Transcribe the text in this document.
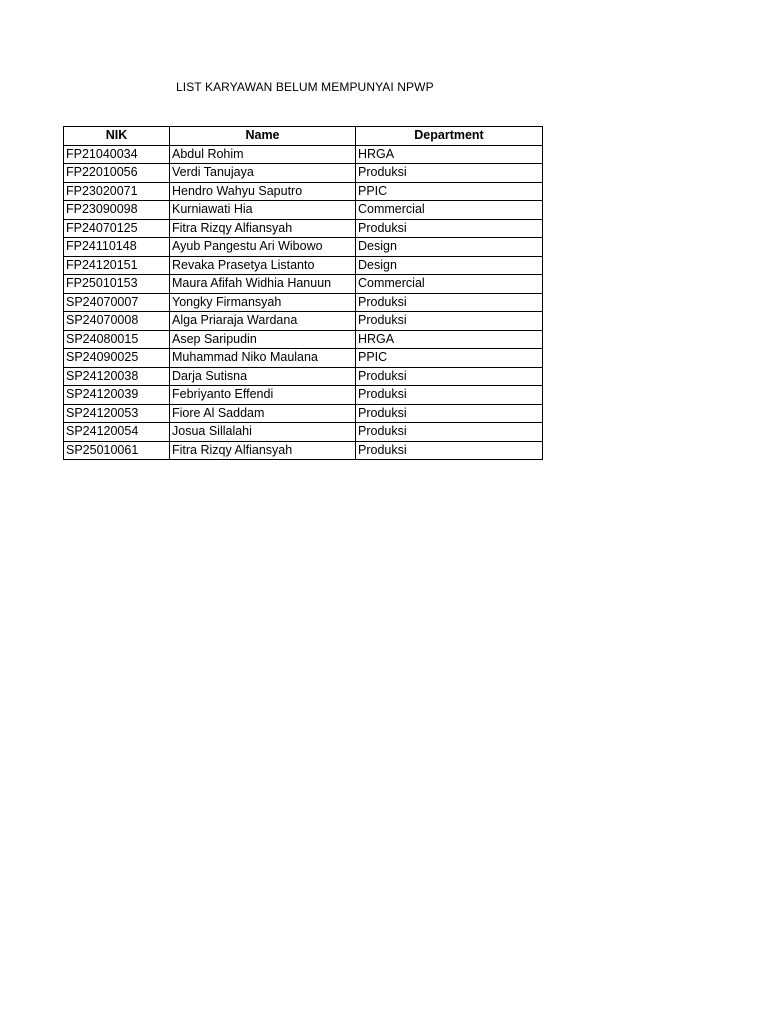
LIST KARYAWAN BELUM MEMPUNYAI NPWP
NIK	Name	Department
FP21040034	Abdul Rohim	HRGA
FP22010056	Verdi Tanujaya	Produksi
FP23020071	Hendro Wahyu Saputro	PPIC
FP23090098	Kurniawati Hia	Commercial
FP24070125	Fitra Rizqy Alfiansyah	Produksi
FP24110148	Ayub Pangestu Ari Wibowo	Design
FP24120151	Revaka Prasetya Listanto	Design
FP25010153	Maura Afifah Widhia Hanuun	Commercial
SP24070007	Yongky Firmansyah	Produksi
SP24070008	Alga Priaraja Wardana	Produksi
SP24080015	Asep Saripudin	HRGA
SP24090025	Muhammad Niko Maulana	PPIC
SP24120038	Darja Sutisna	Produksi
SP24120039	Febriyanto Effendi	Produksi
SP24120053	Fiore Al Saddam	Produksi
SP24120054	Josua Sillalahi	Produksi
SP25010061	Fitra Rizqy Alfiansyah	Produksi
